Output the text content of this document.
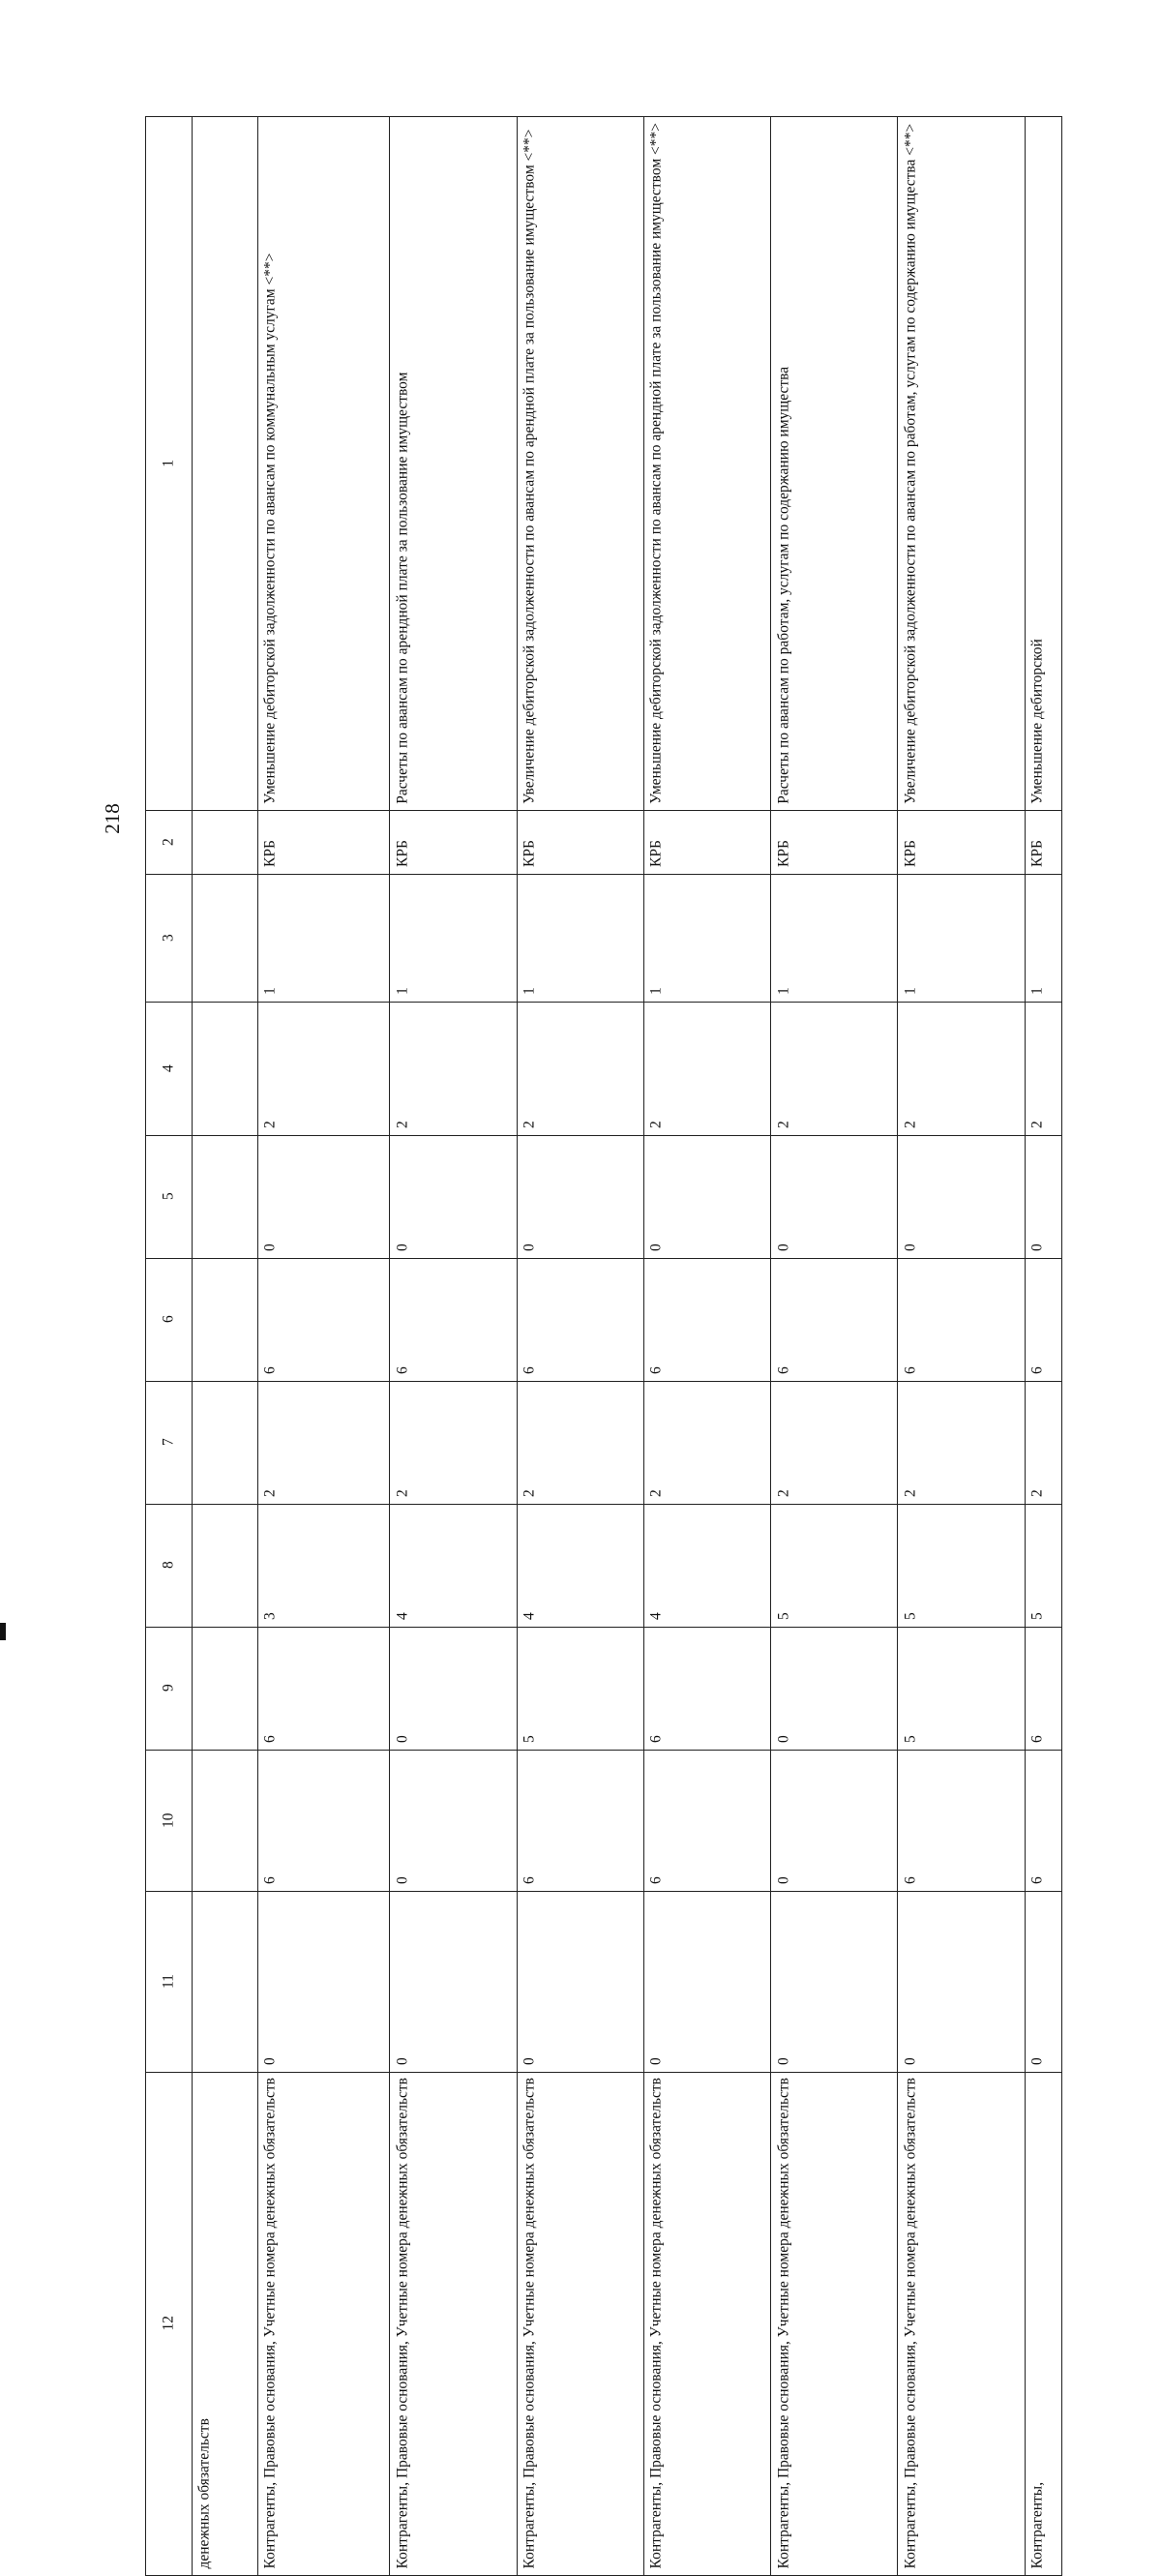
218
1		Уменьшение дебиторской задолженности по авансам по коммунальным услугам <**>	Расчеты по авансам по арендной плате за пользование имуществом	Увеличение дебиторской задолженности по авансам по арендной плате за пользование имуществом <**>	Уменьшение дебиторской задолженности по авансам по арендной плате за пользование имуществом <**>	Расчеты по авансам по работам, услугам по содержанию имущества	Увеличение дебиторской задолженности по авансам по работам, услугам по содержанию имущества <**>	Уменьшение дебиторской
2		КРБ	КРБ	КРБ	КРБ	КРБ	КРБ	КРБ
3		1	1	1	1	1	1	1
4		2	2	2	2	2	2	2
5		0	0	0	0	0	0	0
6		6	6	6	6	6	6	6
7		2	2	2	2	2	2	2
8		3	4	4	4	5	5	5
9		6	0	5	6	0	5	6
10		6	0	6	6	0	6	6
11		0	0	0	0	0	0	0
12	денежных обязательств	Контрагенты, Правовые основания, Учетные номера денежных обязательств	Контрагенты, Правовые основания, Учетные номера денежных обязательств	Контрагенты, Правовые основания, Учетные номера денежных обязательств	Контрагенты, Правовые основания, Учетные номера денежных обязательств	Контрагенты, Правовые основания, Учетные номера денежных обязательств	Контрагенты, Правовые основания, Учетные номера денежных обязательств	Контрагенты,
